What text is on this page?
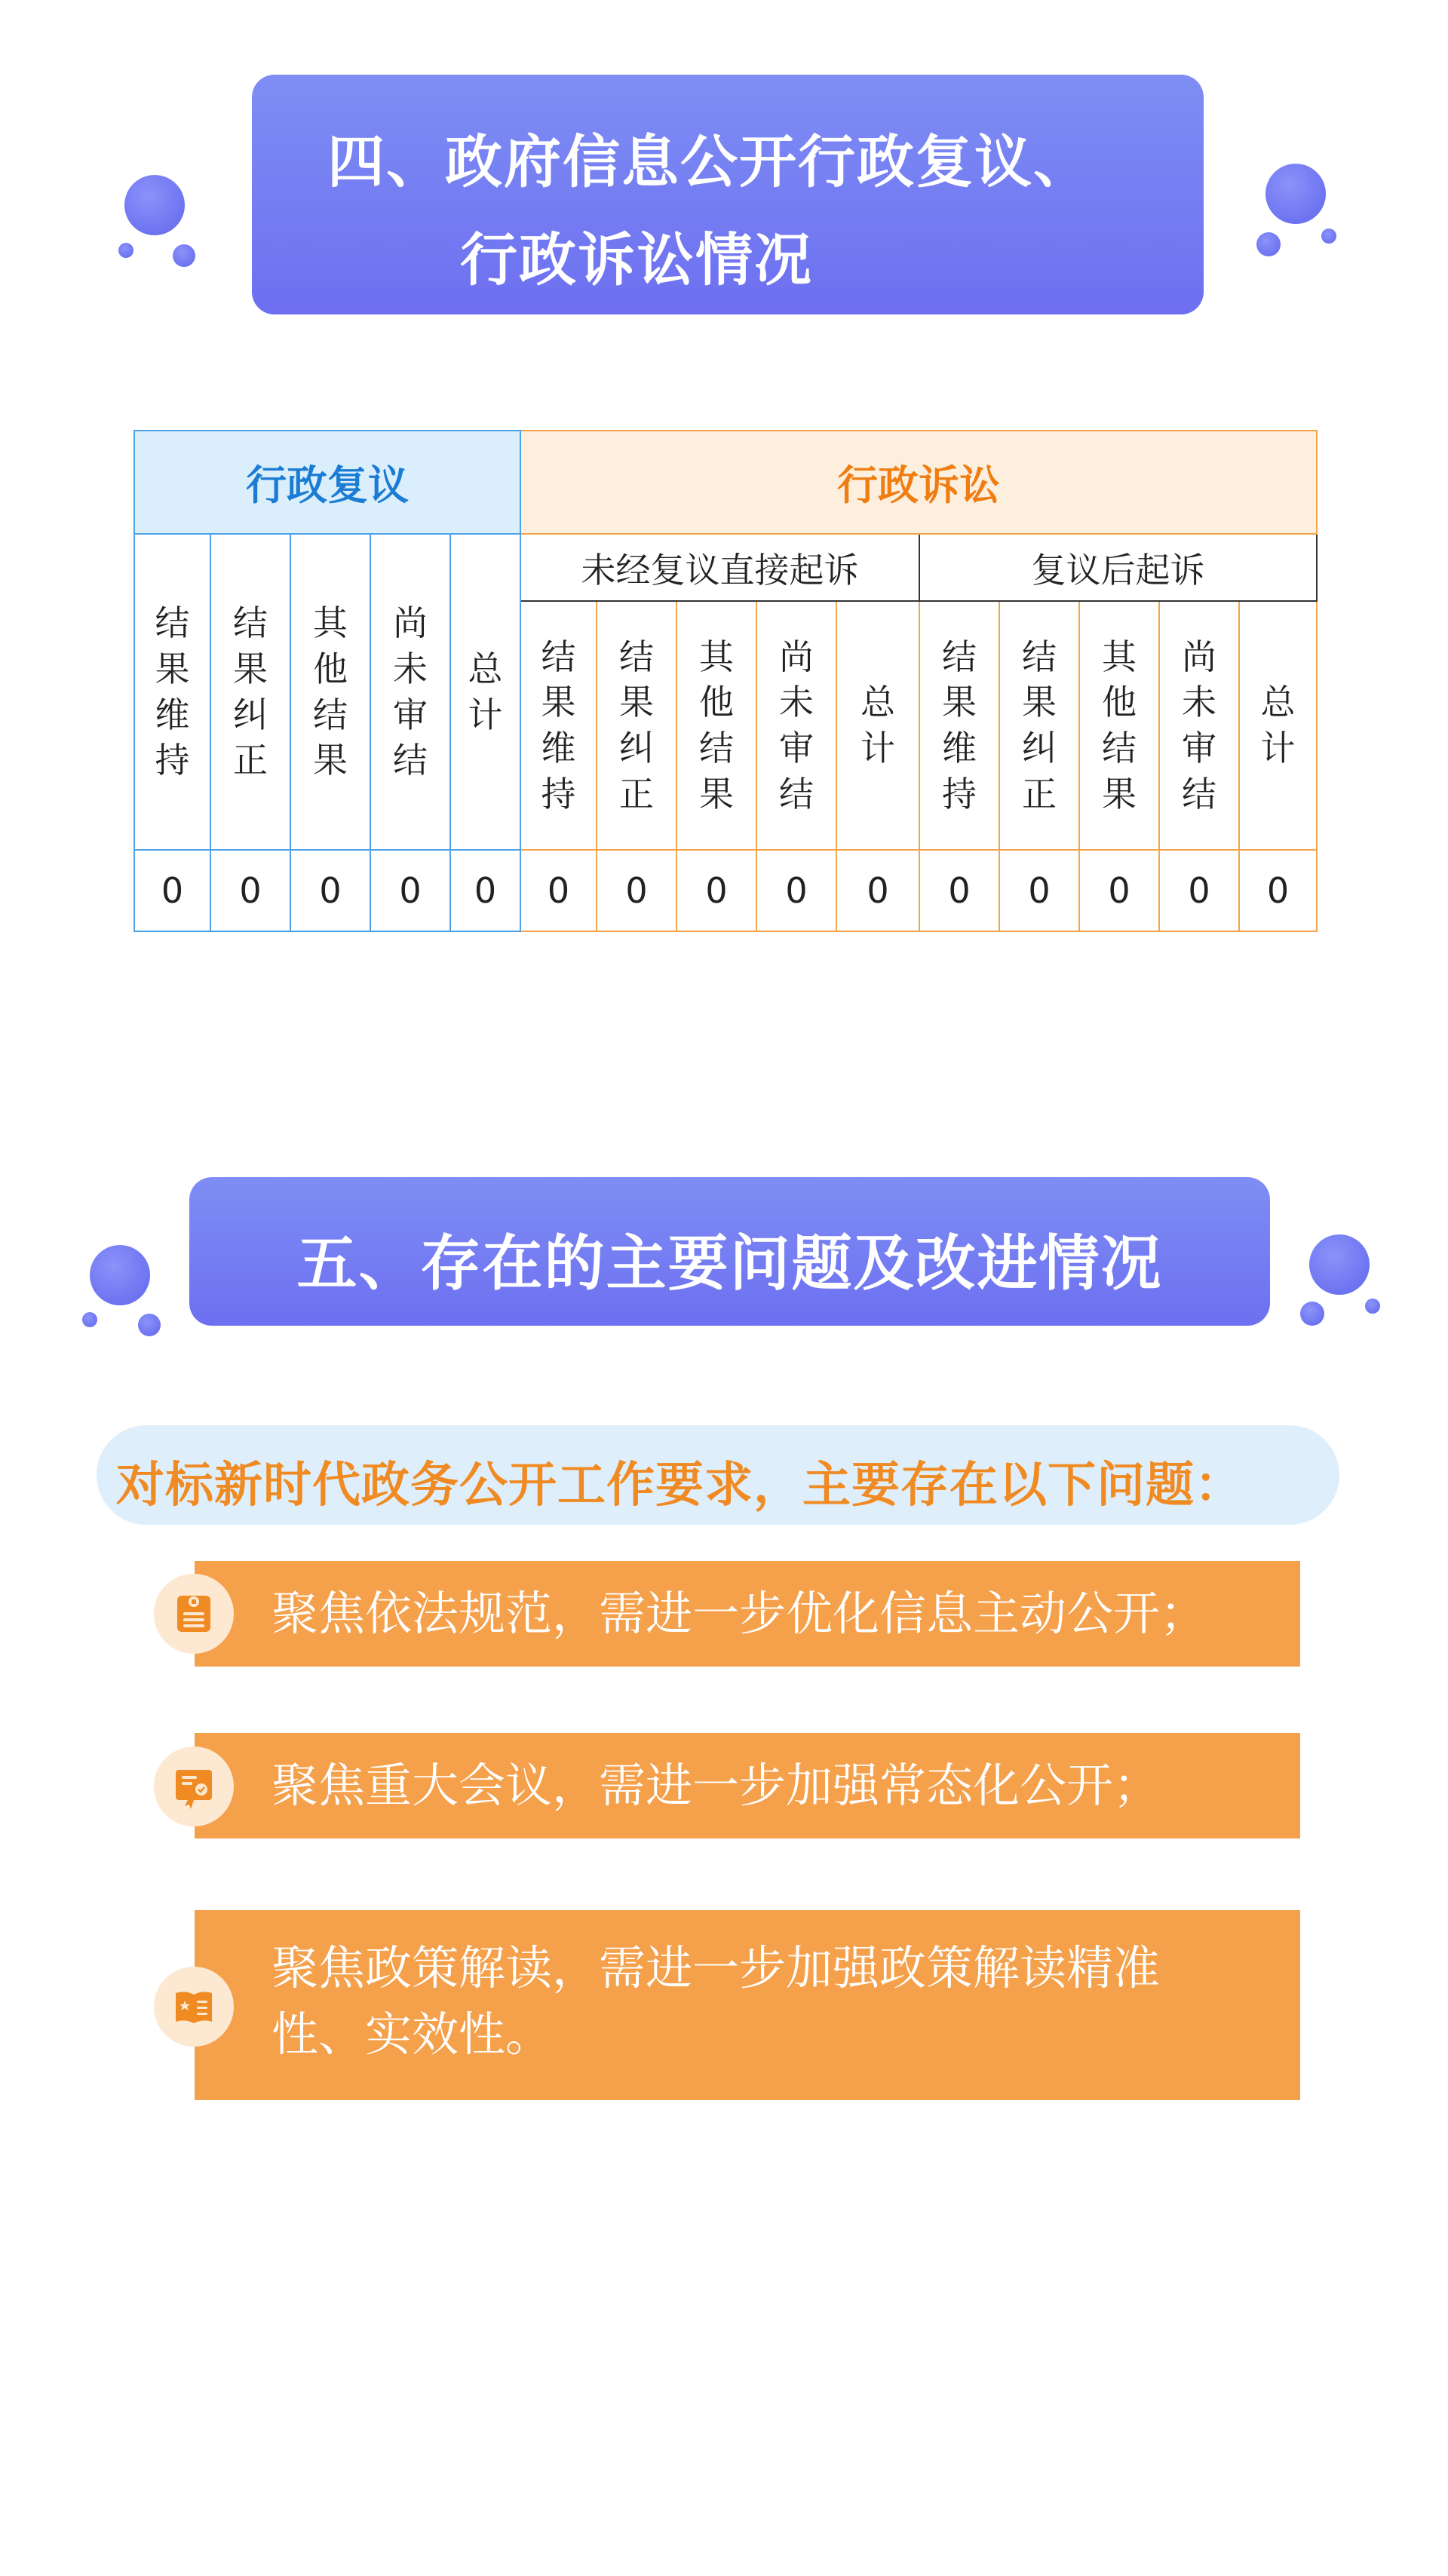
四、政府信息公开行政复议、
行政诉讼情况
行政复议					行政诉讼									
结果维持	结果纠正	其他结果	尚未审结	总计	未经复议直接起诉					复议后起诉				
					结果维持	结果纠正	其他结果	尚未审结	总计	结果维持	结果纠正	其他结果	尚未审结	总计
0	0	0	0	0	0	0	0	0	0	0	0	0	0	0
五、存在的主要问题及改进情况
对标新时代政务公开工作要求，主要存在以下问题：
聚焦依法规范，需进一步优化信息主动公开；
聚焦重大会议，需进一步加强常态化公开；
聚焦政策解读，需进一步加强政策解读精准性、实效性。
